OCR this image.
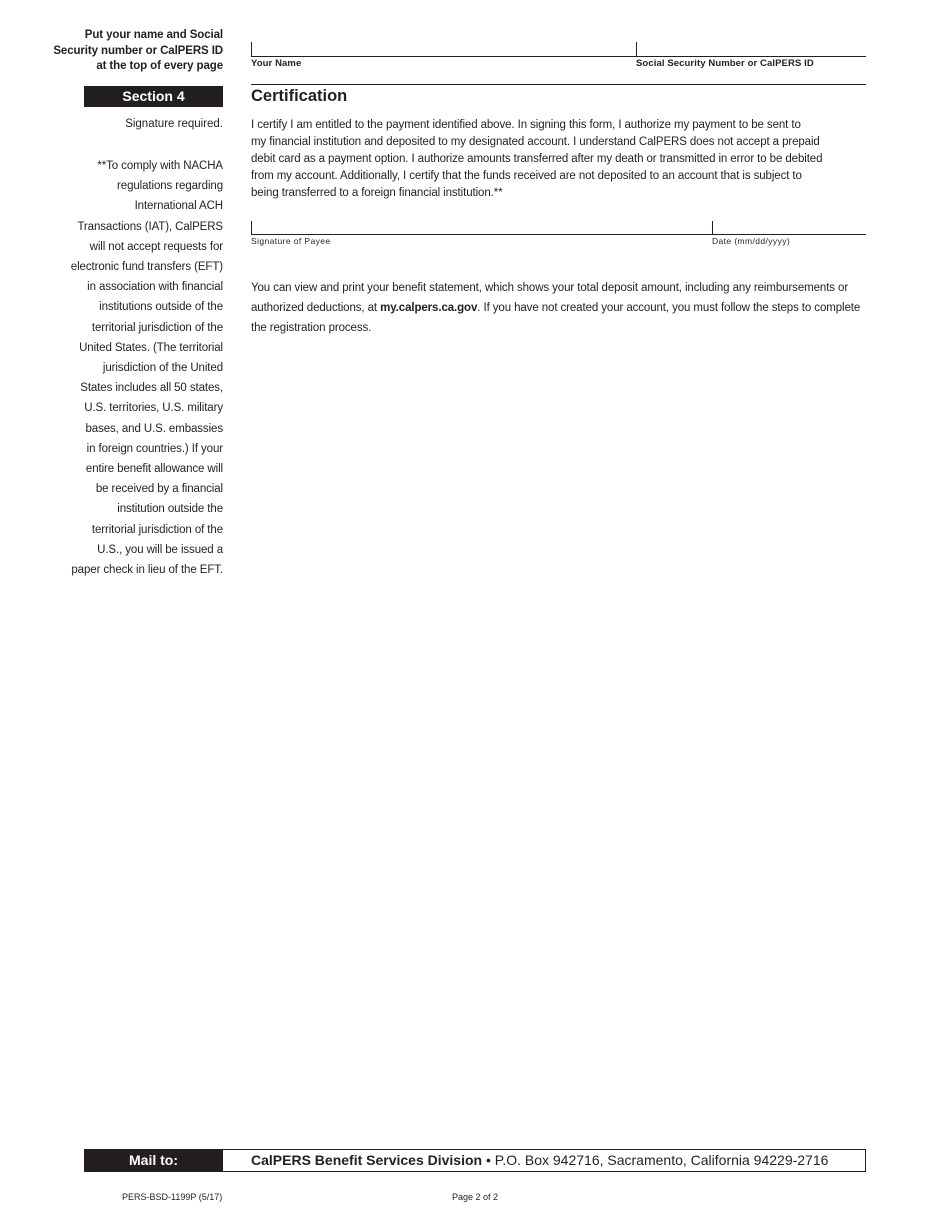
Put your name and Social
Security number or CalPERS ID
at the top of every page
Section 4
Signature required.
**To comply with NACHA
regulations regarding
International ACH
Transactions (IAT), CalPERS
will not accept requests for
electronic fund transfers (EFT)
in association with financial
institutions outside of the
territorial jurisdiction of the
United States. (The territorial
jurisdiction of the United
States includes all 50 states,
U.S. territories, U.S. military
bases, and U.S. embassies
in foreign countries.) If your
entire benefit allowance will
be received by a financial
institution outside the
territorial jurisdiction of the
U.S., you will be issued a
paper check in lieu of the EFT.
Your Name	Social Security Number or CalPERS ID
Certification

I certify I am entitled to the payment identified above. In signing this form, I authorize my payment to be sent to

my financial institution and deposited to my designated account. I understand CalPERS does not accept a prepaid

debit card as a payment option. I authorize amounts transferred after my death or transmitted in error to be debited

from my account. Additionally, I certify that the funds received are not deposited to an account that is subject to

being transferred to a foreign financial institution.**

Signature of Payee	Date (mm/dd/yyyy)
You can view and print your benefit statement, which shows your total deposit amount, including any reimbursements or authorized deductions, at my.calpers.ca.gov. If you have not created your account, you must follow the steps to complete the registration process.
Mail to:	CalPERS Benefit Services Division • P.O. Box 942716, Sacramento, California 94229-2716
PERS-BSD-1199P (5/17)	Page 2 of 2
